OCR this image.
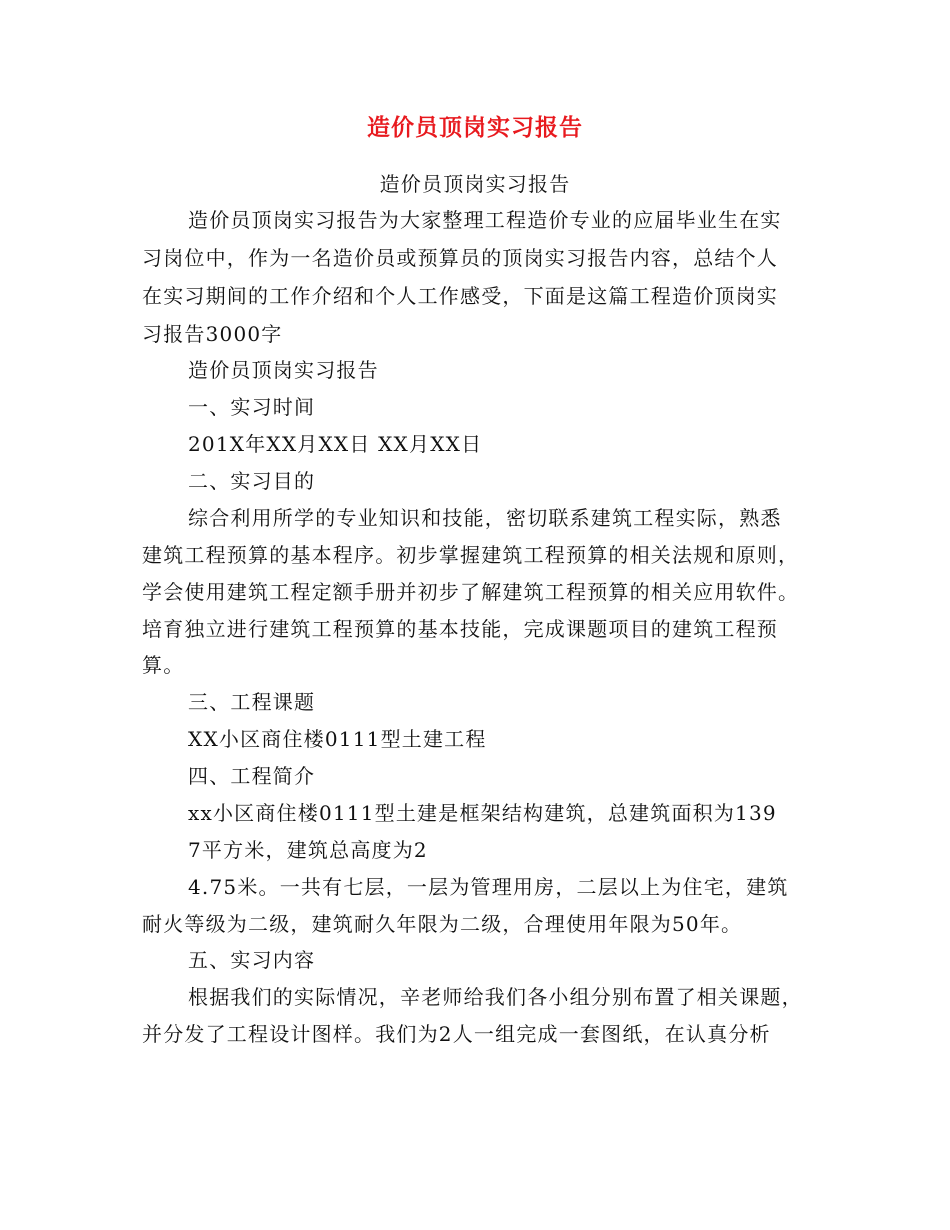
造价员顶岗实习报告
造价员顶岗实习报告
造价员顶岗实习报告为大家整理工程造价专业的应届毕业生在实
习岗位中，作为一名造价员或预算员的顶岗实习报告内容，总结个人
在实习期间的工作介绍和个人工作感受，下面是这篇工程造价顶岗实
习报告3000字
造价员顶岗实习报告
一、实习时间
201X年XX月XX日 XX月XX日
二、实习目的
综合利用所学的专业知识和技能，密切联系建筑工程实际，熟悉
建筑工程预算的基本程序。初步掌握建筑工程预算的相关法规和原则，
学会使用建筑工程定额手册并初步了解建筑工程预算的相关应用软件。
培育独立进行建筑工程预算的基本技能，完成课题项目的建筑工程预
算。
三、工程课题
XX小区商住楼0111型土建工程
四、工程简介
xx小区商住楼0111型土建是框架结构建筑，总建筑面积为139
7平方米，建筑总高度为2
4.75米。一共有七层，一层为管理用房，二层以上为住宅，建筑
耐火等级为二级，建筑耐久年限为二级，合理使用年限为50年。
五、实习内容
根据我们的实际情况，辛老师给我们各小组分别布置了相关课题，
并分发了工程设计图样。我们为2人一组完成一套图纸，在认真分析
